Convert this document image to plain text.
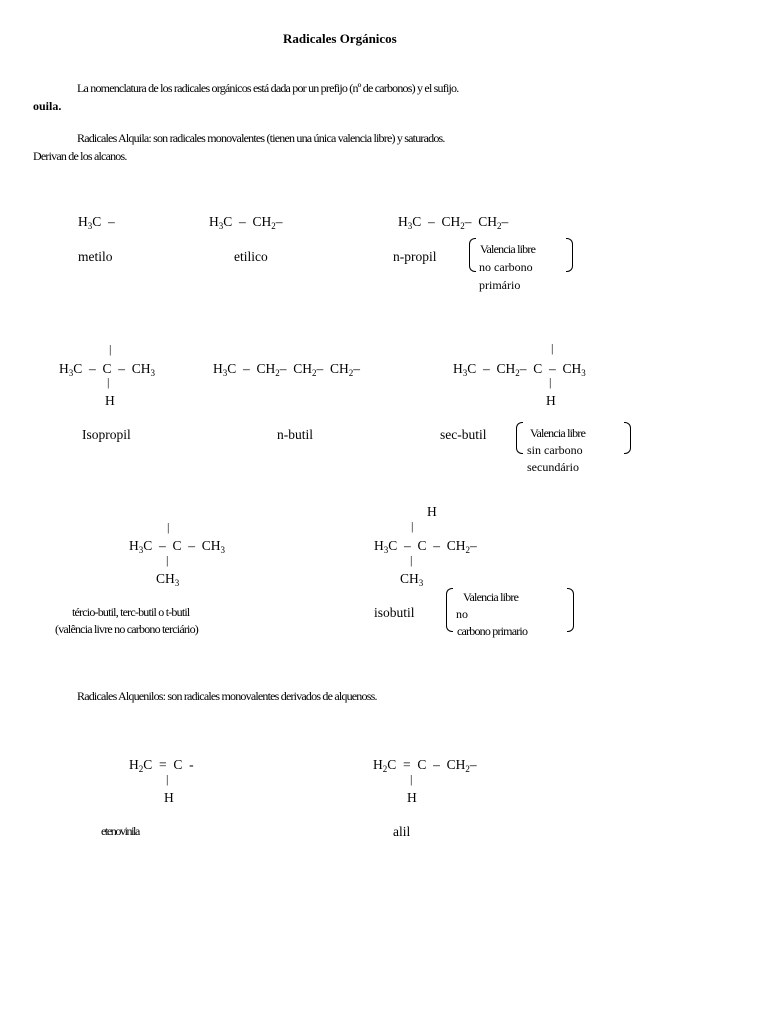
Radicales Orgánicos
La nomenclatura de los radicales orgánicos está dada por un prefijo (nº de carbonos) y el sufijo.
ouila.
Radicales Alquila: son radicales monovalentes (tienen una única valencia libre) y saturados.
Derivan de los alcanos.
$H_3C$  –
metilo
$H_3C - CH_2-$
etilico
$H_3C - CH_2-$  $CH_2-$
n-propil	Valencia libre
no carbono
primário
|
$H_3C$  –  C  –  $CH_3$
|
H
Isopropil
$H_3C - CH_2-$  $CH_2-$  $CH_2-$
n-butil
|
$H_3C - CH_2-$  C  –  $CH_3$
|
H
sec-butil	Valencia libre
sin carbono
secundário
|
$H_3C$  –  C  –  $CH_3$
|
$CH_3$
tércio-butil, terc-butil o t-butil
(valência livre no carbono terciário)
H
|
$H_3C$  –  C  –  $CH_2-$
|
$CH_3$
isobutil
Valencia libre
no
carbono primario
Radicales Alquenilos: son radicales monovalentes derivados de alquenoss.
$H_2C = C$  -
|
H
etenovinila
$H_2C = C - CH_2-$
|
H
alil
